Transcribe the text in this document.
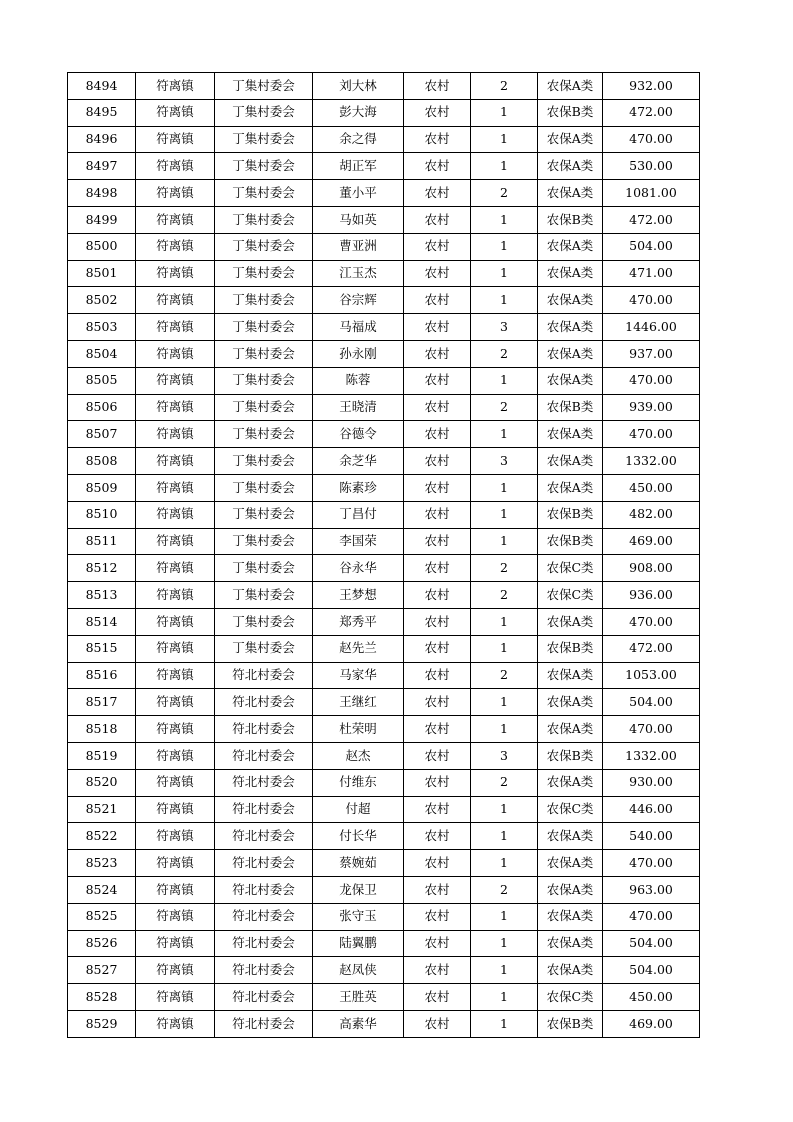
8494	符离镇	丁集村委会	刘大林	农村	2	农保A类	932.00
8495	符离镇	丁集村委会	彭大海	农村	1	农保B类	472.00
8496	符离镇	丁集村委会	余之得	农村	1	农保A类	470.00
8497	符离镇	丁集村委会	胡正军	农村	1	农保A类	530.00
8498	符离镇	丁集村委会	董小平	农村	2	农保A类	1081.00
8499	符离镇	丁集村委会	马如英	农村	1	农保B类	472.00
8500	符离镇	丁集村委会	曹亚洲	农村	1	农保A类	504.00
8501	符离镇	丁集村委会	江玉杰	农村	1	农保A类	471.00
8502	符离镇	丁集村委会	谷宗辉	农村	1	农保A类	470.00
8503	符离镇	丁集村委会	马福成	农村	3	农保A类	1446.00
8504	符离镇	丁集村委会	孙永刚	农村	2	农保A类	937.00
8505	符离镇	丁集村委会	陈蓉	农村	1	农保A类	470.00
8506	符离镇	丁集村委会	王晓清	农村	2	农保B类	939.00
8507	符离镇	丁集村委会	谷德令	农村	1	农保A类	470.00
8508	符离镇	丁集村委会	余芝华	农村	3	农保A类	1332.00
8509	符离镇	丁集村委会	陈素珍	农村	1	农保A类	450.00
8510	符离镇	丁集村委会	丁昌付	农村	1	农保B类	482.00
8511	符离镇	丁集村委会	李国荣	农村	1	农保B类	469.00
8512	符离镇	丁集村委会	谷永华	农村	2	农保C类	908.00
8513	符离镇	丁集村委会	王梦想	农村	2	农保C类	936.00
8514	符离镇	丁集村委会	郑秀平	农村	1	农保A类	470.00
8515	符离镇	丁集村委会	赵先兰	农村	1	农保B类	472.00
8516	符离镇	符北村委会	马家华	农村	2	农保A类	1053.00
8517	符离镇	符北村委会	王继红	农村	1	农保A类	504.00
8518	符离镇	符北村委会	杜荣明	农村	1	农保A类	470.00
8519	符离镇	符北村委会	赵杰	农村	3	农保B类	1332.00
8520	符离镇	符北村委会	付维东	农村	2	农保A类	930.00
8521	符离镇	符北村委会	付超	农村	1	农保C类	446.00
8522	符离镇	符北村委会	付长华	农村	1	农保A类	540.00
8523	符离镇	符北村委会	蔡婉茹	农村	1	农保A类	470.00
8524	符离镇	符北村委会	龙保卫	农村	2	农保A类	963.00
8525	符离镇	符北村委会	张守玉	农村	1	农保A类	470.00
8526	符离镇	符北村委会	陆翼鹏	农村	1	农保A类	504.00
8527	符离镇	符北村委会	赵凤侠	农村	1	农保A类	504.00
8528	符离镇	符北村委会	王胜英	农村	1	农保C类	450.00
8529	符离镇	符北村委会	高素华	农村	1	农保B类	469.00
